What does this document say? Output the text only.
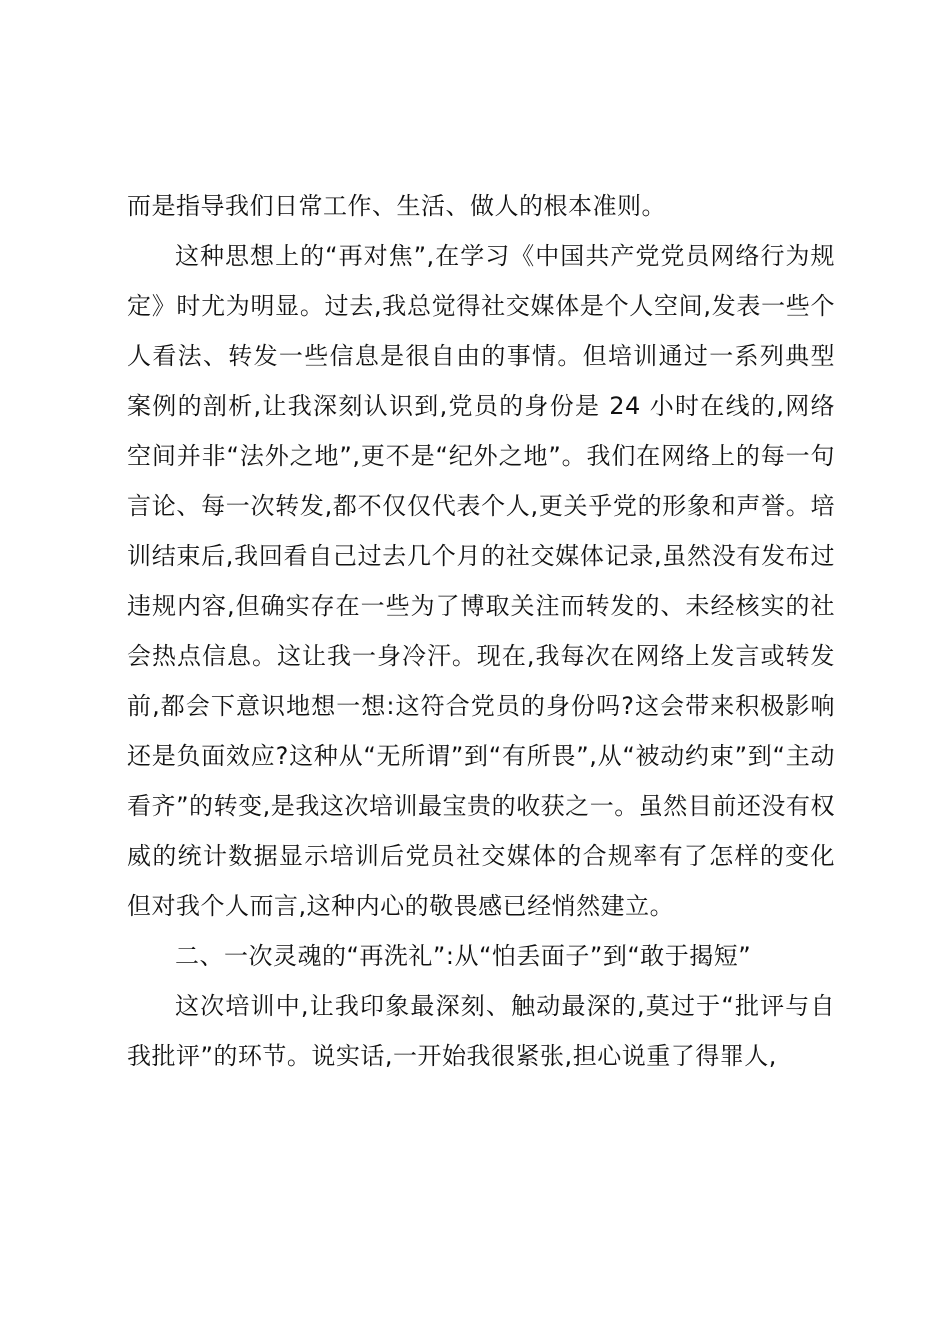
而是指导我们日常工作、生活、做人的根本准则。

这种思想上的“再对焦”,在学习《中国共产党党员网络行为规定》时尤为明显。过去,我总觉得社交媒体是个人空间,发表一些个人看法、转发一些信息是很自由的事情。但培训通过一系列典型案例的剖析,让我深刻认识到,党员的身份是 24 小时在线的,网络空间并非“法外之地”,更不是“纪外之地”。我们在网络上的每一句言论、每一次转发,都不仅仅代表个人,更关乎党的形象和声誉。培训结束后,我回看自己过去几个月的社交媒体记录,虽然没有发布过违规内容,但确实存在一些为了博取关注而转发的、未经核实的社会热点信息。这让我一身冷汗。现在,我每次在网络上发言或转发前,都会下意识地想一想:这符合党员的身份吗?这会带来积极影响还是负面效应?这种从“无所谓”到“有所畏”,从“被动约束”到“主动看齐”的转变,是我这次培训最宝贵的收获之一。虽然目前还没有权威的统计数据显示培训后党员社交媒体的合规率有了怎样的变化但对我个人而言,这种内心的敬畏感已经悄然建立。

二、一次灵魂的“再洗礼”:从“怕丢面子”到“敢于揭短”

这次培训中,让我印象最深刻、触动最深的,莫过于“批评与自我批评”的环节。说实话,一开始我很紧张,担心说重了得罪人,
